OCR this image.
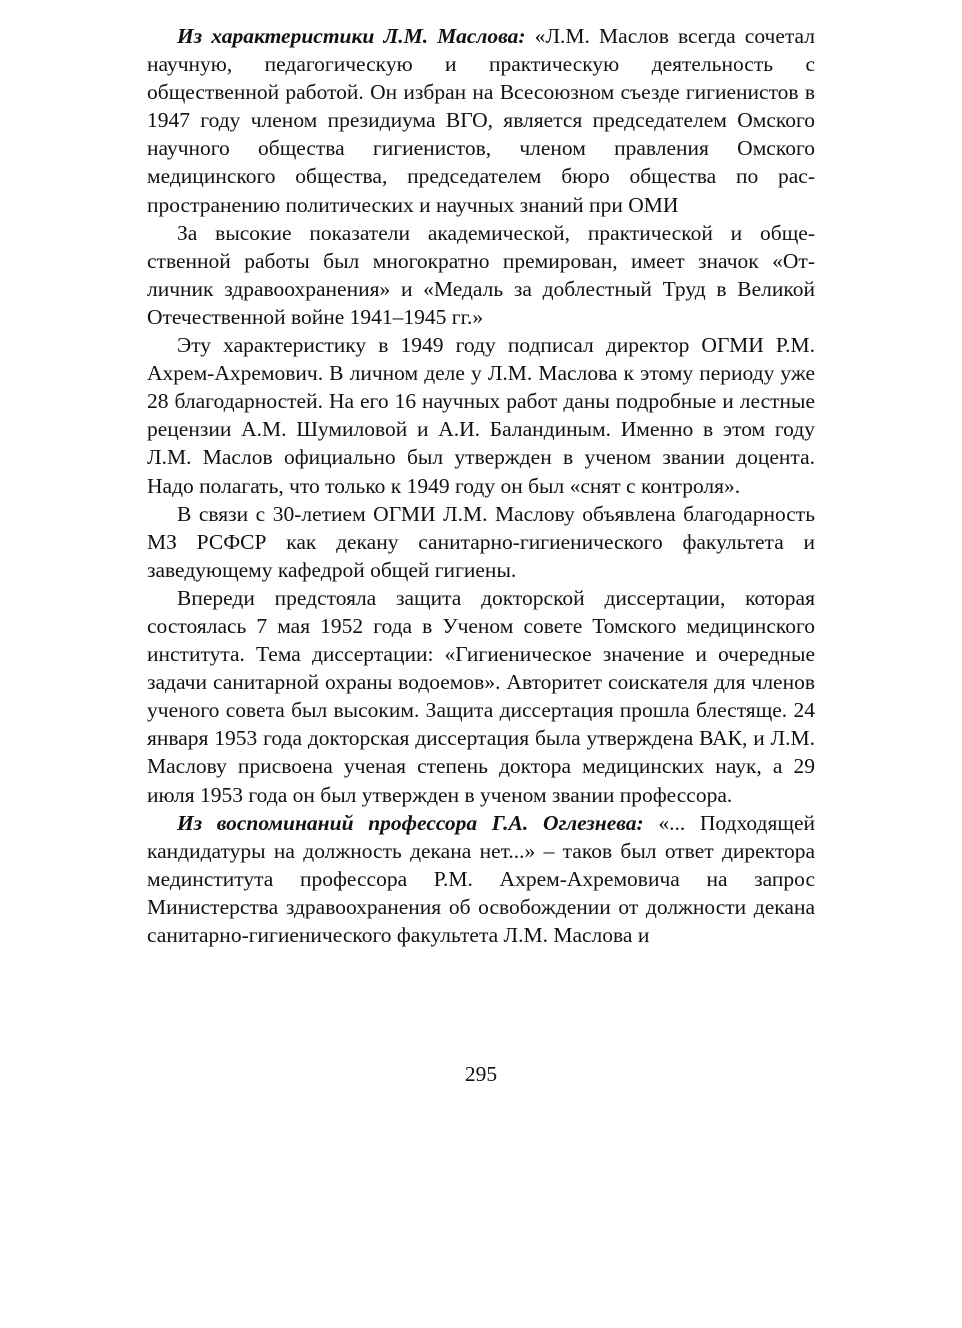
Из характеристики Л.М. Маслова: «Л.М. Маслов всегда сочетал научную, педагогическую и практическую деятельность с общественной работой. Он избран на Всесоюзном съезде гигиенистов в 1947 году членом президиума ВГО, является председателем Омского научного общества гигиенистов, членом правления Омского медицинского общества, председателем бюро общества по распространению политических и научных знаний при ОМИ

За высокие показатели академической, практической и общественной работы был многократно премирован, имеет значок «Отличник здравоохранения» и «Медаль за доблестный Труд в Великой Отечественной войне 1941–1945 гг.»

Эту характеристику в 1949 году подписал директор ОГМИ Р.М. Ахрем-Ахремович. В личном деле у Л.М. Маслова к этому периоду уже 28 благодарностей. На его 16 научных работ даны подробные и лестные рецензии А.М. Шумиловой и А.И. Баландиным. Именно в этом году Л.М. Маслов официально был утвержден в ученом звании доцента. Надо полагать, что только к 1949 году он был «снят с контроля».

В связи с 30-летием ОГМИ Л.М. Маслову объявлена благодарность МЗ РСФСР как декану санитарно-гигиенического факультета и заведующему кафедрой общей гигиены.

Впереди предстояла защита докторской диссертации, которая состоялась 7 мая 1952 года в Ученом совете Томского медицинского института. Тема диссертации: «Гигиеническое значение и очередные задачи санитарной охраны водоемов». Авторитет соискателя для членов ученого совета был высоким. Защита диссертация прошла блестяще. 24 января 1953 года докторская диссертация была утверждена ВАК, и Л.М. Маслову присвоена ученая степень доктора медицинских наук, а 29 июля 1953 года он был утвержден в ученом звании профессора.

Из воспоминаний профессора Г.А. Оглезнева: «... Подходящей кандидатуры на должность декана нет...» – таков был ответ директора мединститута профессора Р.М. Ахрем-Ахремовича на запрос Министерства здравоохранения об освобождении от должности декана санитарно-гигиенического факультета Л.М. Маслова и

295
